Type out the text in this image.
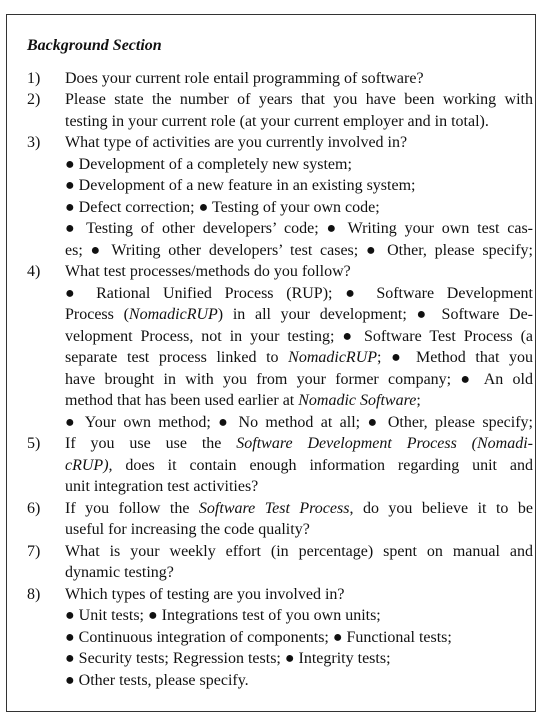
Background Section
1)	Does your current role entail programming of software?
2)	Please state the number of years that you have been working with
testing in your current role (at your current employer and in total).
3)	What type of activities are you currently involved in?
● Development of a completely new system;
● Development of a new feature in an existing system;
● Defect correction; ● Testing of your own code;
● Testing of other developers’ code; ● Writing your own test cas-
es; ● Writing other developers’ test cases; ● Other, please specify;
4)	What test processes/methods do you follow?
● Rational Unified Process (RUP); ● Software Development
Process (NomadicRUP) in all your development; ● Software De-
velopment Process, not in your testing; ● Software Test Process (a
separate test process linked to NomadicRUP; ● Method that you
have brought in with you from your former company; ● An old
method that has been used earlier at Nomadic Software;
● Your own method; ● No method at all; ● Other, please specify;
5)	If you use use the Software Development Process (Nomadi-
cRUP), does it contain enough information regarding unit and
unit integration test activities?
6)	If you follow the Software Test Process, do you believe it to be
useful for increasing the code quality?
7)	What is your weekly effort (in percentage) spent on manual and
dynamic testing?
8)	Which types of testing are you involved in?
● Unit tests; ● Integrations test of you own units;
● Continuous integration of components; ● Functional tests;
● Security tests; Regression tests; ● Integrity tests;
● Other tests, please specify.
